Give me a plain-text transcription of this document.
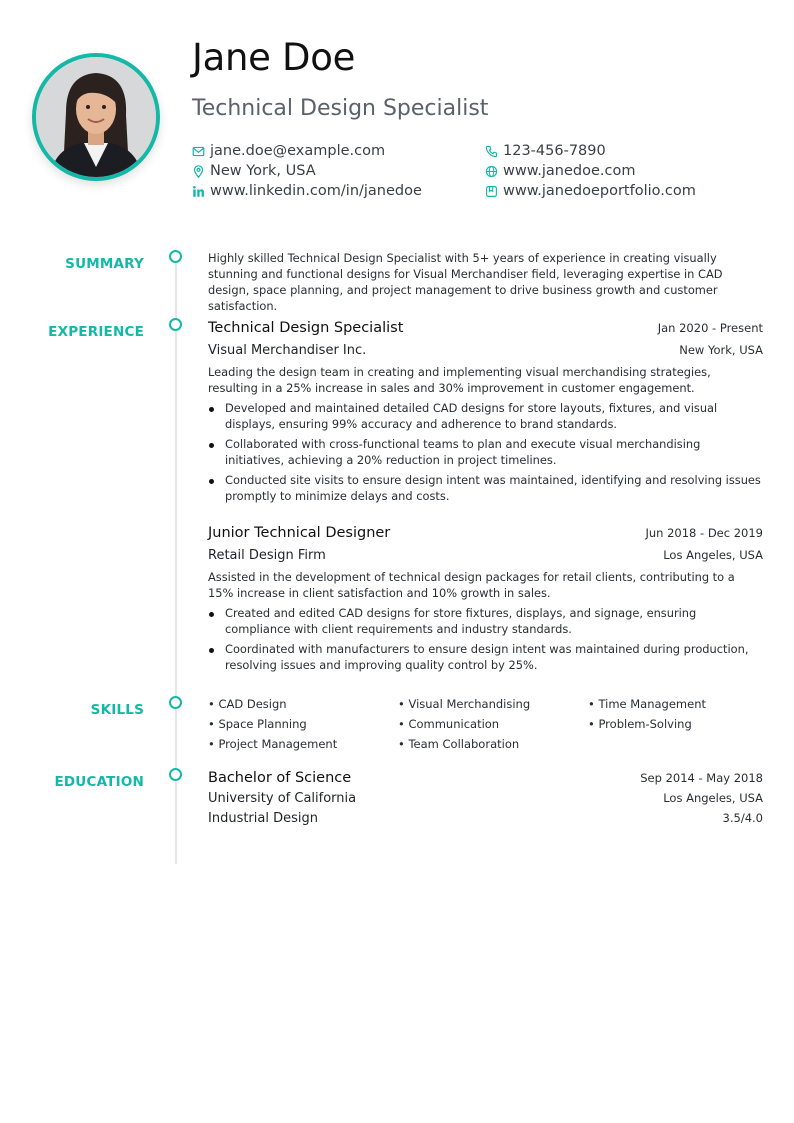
Jane Doe
Technical Design Specialist
jane.doe@example.com
New York, USA
www.linkedin.com/in/janedoe
123-456-7890
www.janedoe.com
www.janedoeportfolio.com
SUMMARY
EXPERIENCE
SKILLS
EDUCATION
Highly skilled Technical Design Specialist with 5+ years of experience in creating visually stunning and functional designs for Visual Merchandiser field, leveraging expertise in CAD design, space planning, and project management to drive business growth and customer satisfaction.
Technical Design Specialist	Jan 2020 - Present
Visual Merchandiser Inc.	New York, USA
Leading the design team in creating and implementing visual merchandising strategies, resulting in a 25% increase in sales and 30% improvement in customer engagement.
Developed and maintained detailed CAD designs for store layouts, fixtures, and visual displays, ensuring 99% accuracy and adherence to brand standards.
Collaborated with cross-functional teams to plan and execute visual merchandising initiatives, achieving a 20% reduction in project timelines.
Conducted site visits to ensure design intent was maintained, identifying and resolving issues promptly to minimize delays and costs.
Junior Technical Designer	Jun 2018 - Dec 2019
Retail Design Firm	Los Angeles, USA
Assisted in the development of technical design packages for retail clients, contributing to a 15% increase in client satisfaction and 10% growth in sales.
Created and edited CAD designs for store fixtures, displays, and signage, ensuring compliance with client requirements and industry standards.
Coordinated with manufacturers to ensure design intent was maintained during production, resolving issues and improving quality control by 25%.
• CAD Design	• Visual Merchandising	• Time Management
• Space Planning	• Communication	• Problem-Solving
• Project Management	• Team Collaboration
Bachelor of Science	Sep 2014 - May 2018
University of California	Los Angeles, USA
Industrial Design	3.5/4.0
